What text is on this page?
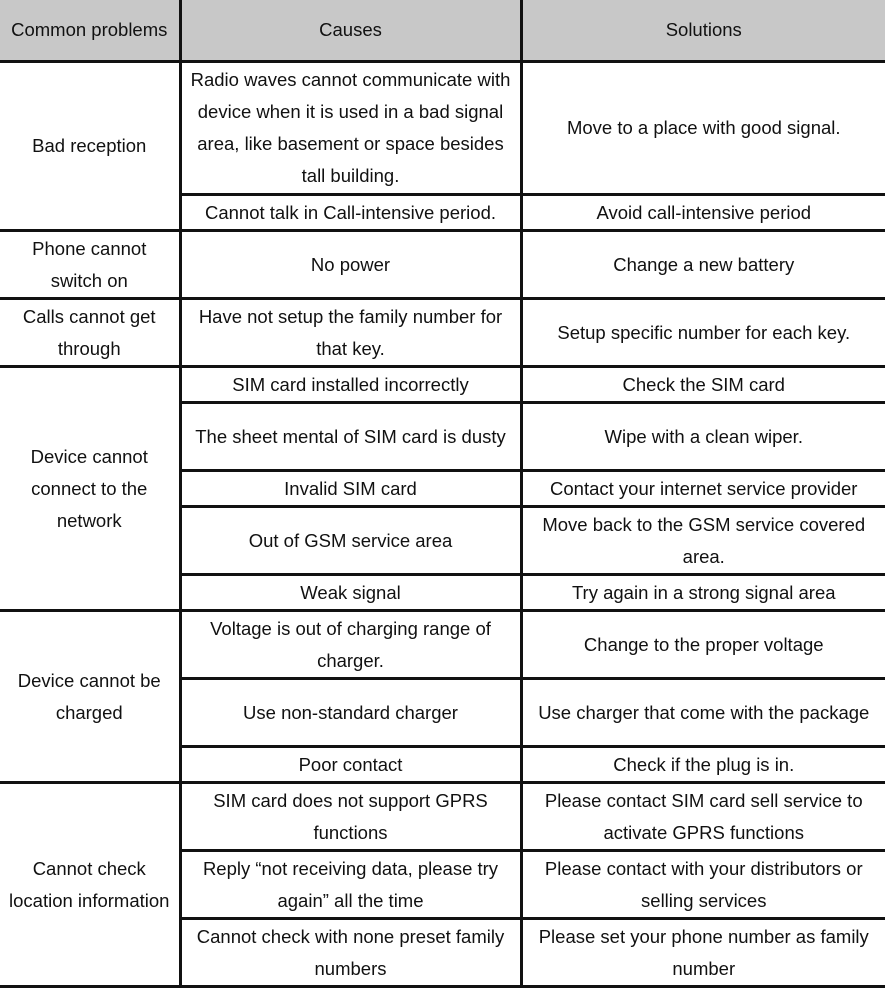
Common problems	Causes	Solutions
Bad reception	Radio waves cannot communicate with device when it is used in a bad signal area, like basement or space besides tall building.	Move to a place with good signal.
	Cannot talk in Call-intensive period.	Avoid call-intensive period
Phone cannot switch on	No power	Change a new battery
Calls cannot get through	Have not setup the family number for that key.	Setup specific number for each key.
Device cannot connect to the network	SIM card installed incorrectly	Check the SIM card
	The sheet mental of SIM card is dusty	Wipe with a clean wiper.
	Invalid SIM card	Contact your internet service provider
	Out of GSM service area	Move back to the GSM service covered area.
	Weak signal	Try again in a strong signal area
Device cannot be charged	Voltage is out of charging range of charger.	Change to the proper voltage
	Use non-standard charger	Use charger that come with the package
	Poor contact	Check if the plug is in.
Cannot check location information	SIM card does not support GPRS functions	Please contact SIM card sell service to activate GPRS functions
	Reply “not receiving data, please try again” all the time	Please contact with your distributors or selling services
	Cannot check with none preset family numbers	Please set your phone number as family number
